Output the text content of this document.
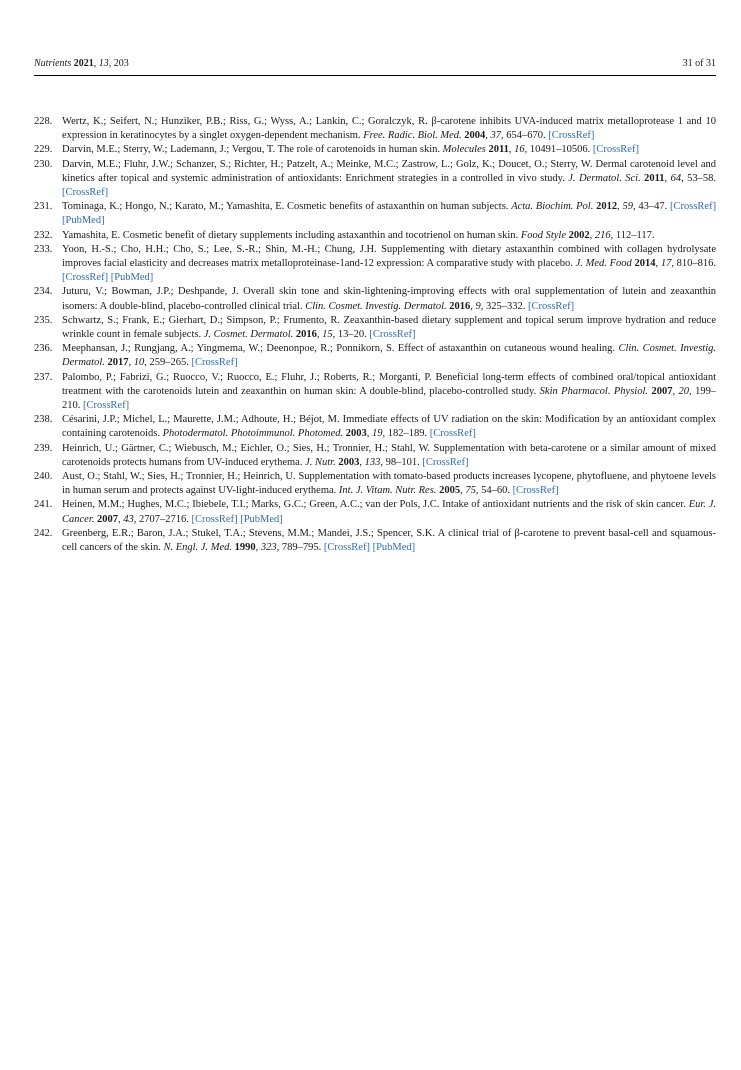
Nutrients 2021, 13, 203	31 of 31
228. Wertz, K.; Seifert, N.; Hunziker, P.B.; Riss, G.; Wyss, A.; Lankin, C.; Goralczyk, R. β-carotene inhibits UVA-induced matrix metalloprotease 1 and 10 expression in keratinocytes by a singlet oxygen-dependent mechanism. Free. Radic. Biol. Med. 2004, 37, 654–670. [CrossRef]
229. Darvin, M.E.; Sterry, W.; Lademann, J.; Vergou, T. The role of carotenoids in human skin. Molecules 2011, 16, 10491–10506. [CrossRef]
230. Darvin, M.E.; Fluhr, J.W.; Schanzer, S.; Richter, H.; Patzelt, A.; Meinke, M.C.; Zastrow, L.; Golz, K.; Doucet, O.; Sterry, W. Dermal carotenoid level and kinetics after topical and systemic administration of antioxidants: Enrichment strategies in a controlled in vivo study. J. Dermatol. Sci. 2011, 64, 53–58. [CrossRef]
231. Tominaga, K.; Hongo, N.; Karato, M.; Yamashita, E. Cosmetic benefits of astaxanthin on human subjects. Acta. Biochim. Pol. 2012, 59, 43–47. [CrossRef] [PubMed]
232. Yamashita, E. Cosmetic benefit of dietary supplements including astaxanthin and tocotrienol on human skin. Food Style 2002, 216, 112–117.
233. Yoon, H.-S.; Cho, H.H.; Cho, S.; Lee, S.-R.; Shin, M.-H.; Chung, J.H. Supplementing with dietary astaxanthin combined with collagen hydrolysate improves facial elasticity and decreases matrix metalloproteinase-1and-12 expression: A comparative study with placebo. J. Med. Food 2014, 17, 810–816. [CrossRef] [PubMed]
234. Juturu, V.; Bowman, J.P.; Deshpande, J. Overall skin tone and skin-lightening-improving effects with oral supplementation of lutein and zeaxanthin isomers: A double-blind, placebo-controlled clinical trial. Clin. Cosmet. Investig. Dermatol. 2016, 9, 325–332. [CrossRef]
235. Schwartz, S.; Frank, E.; Gierhart, D.; Simpson, P.; Frumento, R. Zeaxanthin-based dietary supplement and topical serum improve hydration and reduce wrinkle count in female subjects. J. Cosmet. Dermatol. 2016, 15, 13–20. [CrossRef]
236. Meephansan, J.; Rungjang, A.; Yingmema, W.; Deenonpoe, R.; Ponnikorn, S. Effect of astaxanthin on cutaneous wound healing. Clin. Cosmet. Investig. Dermatol. 2017, 10, 259–265. [CrossRef]
237. Palombo, P.; Fabrizi, G.; Ruocco, V.; Ruocco, E.; Fluhr, J.; Roberts, R.; Morganti, P. Beneficial long-term effects of combined oral/topical antioxidant treatment with the carotenoids lutein and zeaxanthin on human skin: A double-blind, placebo-controlled study. Skin Pharmacol. Physiol. 2007, 20, 199–210. [CrossRef]
238. Césarini, J.P.; Michel, L.; Maurette, J.M.; Adhoute, H.; Béjot, M. Immediate effects of UV radiation on the skin: Modification by an antioxidant complex containing carotenoids. Photodermatol. Photoimmunol. Photomed. 2003, 19, 182–189. [CrossRef]
239. Heinrich, U.; Gärtner, C.; Wiebusch, M.; Eichler, O.; Sies, H.; Tronnier, H.; Stahl, W. Supplementation with beta-carotene or a similar amount of mixed carotenoids protects humans from UV-induced erythema. J. Nutr. 2003, 133, 98–101. [CrossRef]
240. Aust, O.; Stahl, W.; Sies, H.; Tronnier, H.; Heinrich, U. Supplementation with tomato-based products increases lycopene, phytofluene, and phytoene levels in human serum and protects against UV-light-induced erythema. Int. J. Vitam. Nutr. Res. 2005, 75, 54–60. [CrossRef]
241. Heinen, M.M.; Hughes, M.C.; Ibiebele, T.I.; Marks, G.C.; Green, A.C.; van der Pols, J.C. Intake of antioxidant nutrients and the risk of skin cancer. Eur. J. Cancer. 2007, 43, 2707–2716. [CrossRef] [PubMed]
242. Greenberg, E.R.; Baron, J.A.; Stukel, T.A.; Stevens, M.M.; Mandei, J.S.; Spencer, S.K. A clinical trial of β-carotene to prevent basal-cell and squamous-cell cancers of the skin. N. Engl. J. Med. 1990, 323, 789–795. [CrossRef] [PubMed]
